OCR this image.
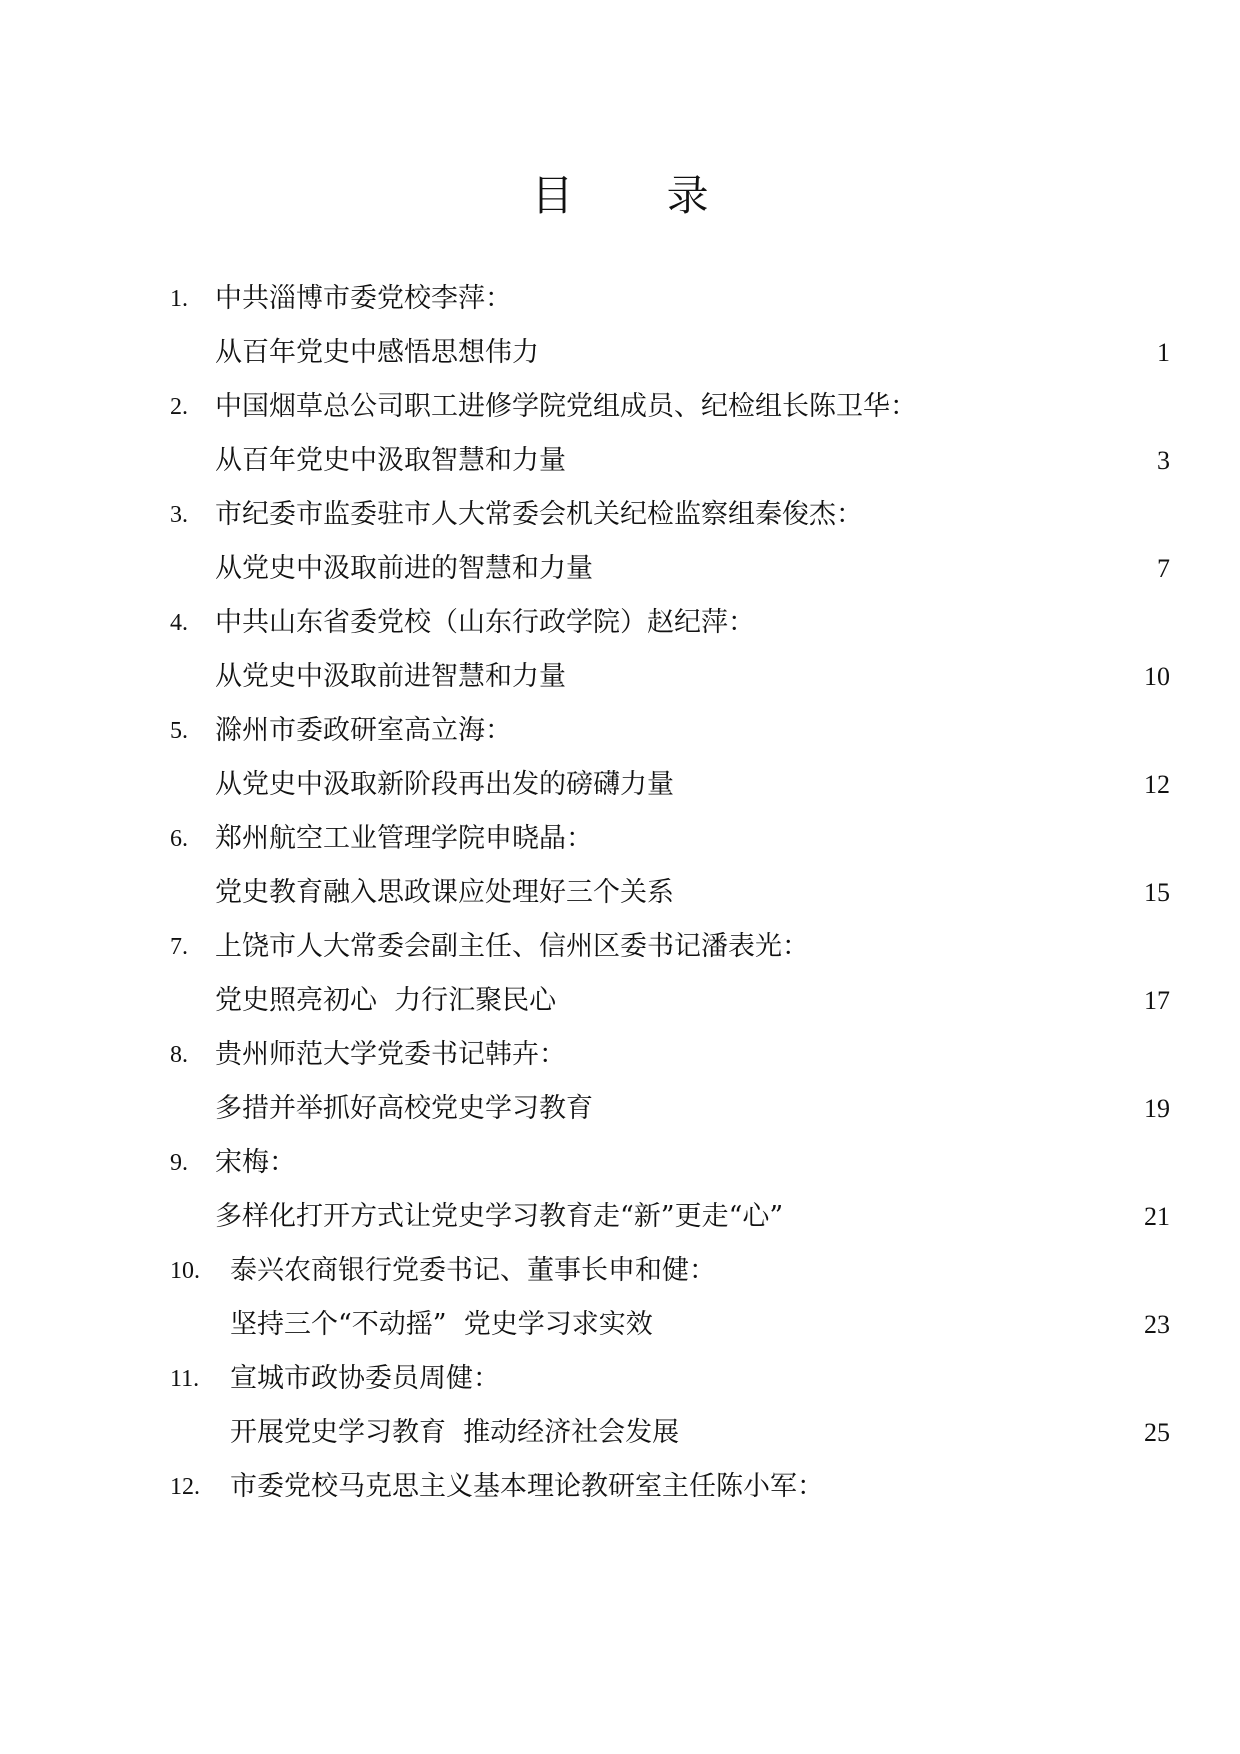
目 录
1. 中共淄博市委党校李萍：
从百年党史中感悟思想伟力	1
2. 中国烟草总公司职工进修学院党组成员、纪检组长陈卫华：
从百年党史中汲取智慧和力量	3
3. 市纪委市监委驻市人大常委会机关纪检监察组秦俊杰：
从党史中汲取前进的智慧和力量	7
4. 中共山东省委党校（山东行政学院）赵纪萍：
从党史中汲取前进智慧和力量	10
5. 滁州市委政研室高立海：
从党史中汲取新阶段再出发的磅礴力量	12
6. 郑州航空工业管理学院申晓晶：
党史教育融入思政课应处理好三个关系	15
7. 上饶市人大常委会副主任、信州区委书记潘表光：
党史照亮初心  力行汇聚民心	17
8. 贵州师范大学党委书记韩卉：
多措并举抓好高校党史学习教育	19
9. 宋梅：
多样化打开方式让党史学习教育走“新”更走“心”	21
10. 泰兴农商银行党委书记、董事长申和健：
坚持三个“不动摇”  党史学习求实效	23
11. 宣城市政协委员周健：
开展党史学习教育  推动经济社会发展	25
12. 市委党校马克思主义基本理论教研室主任陈小军：
